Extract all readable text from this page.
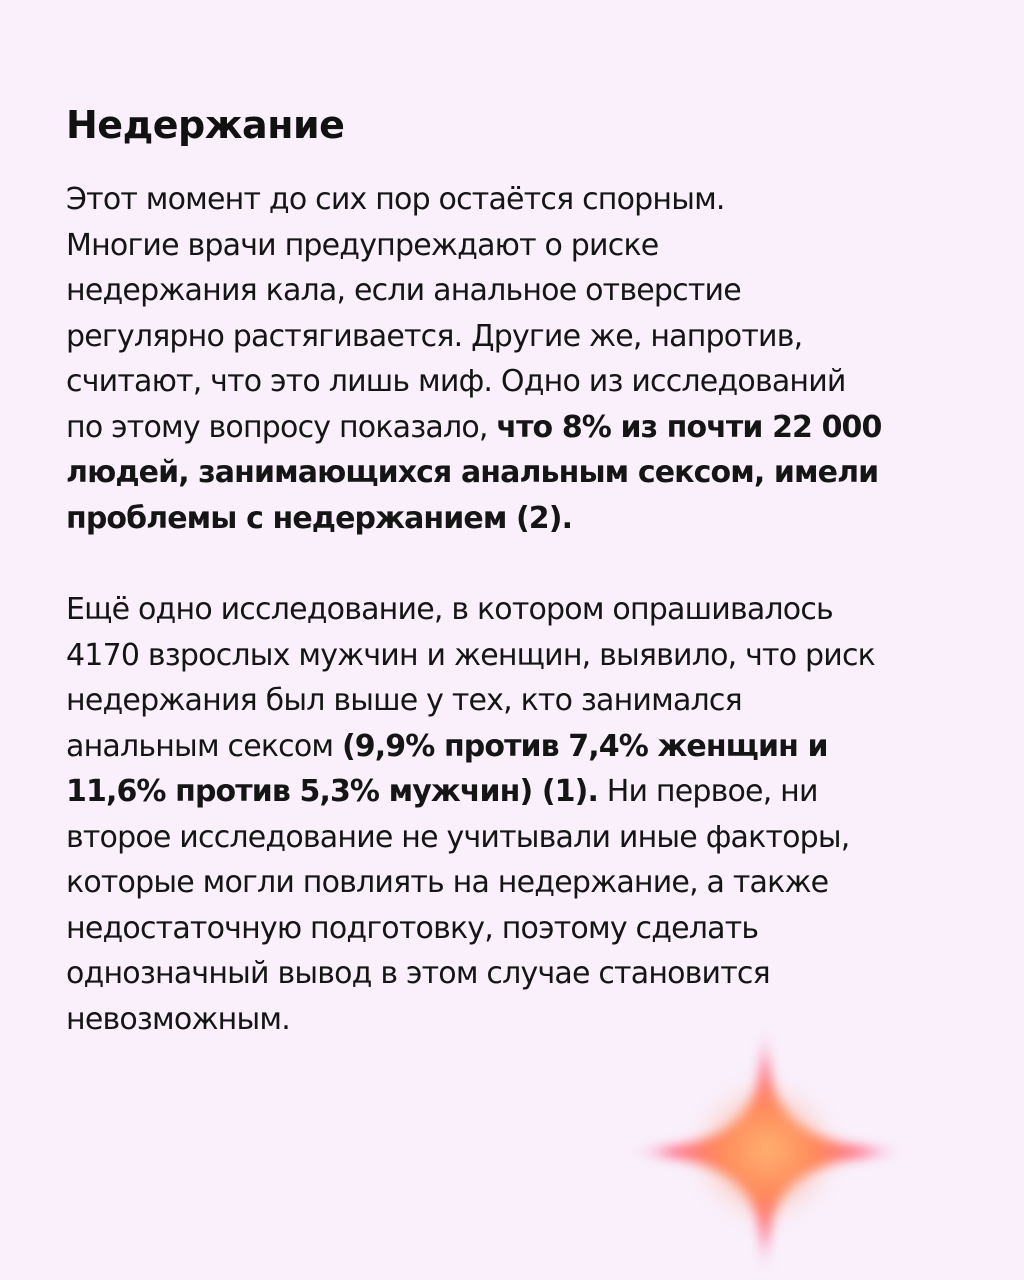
Недержание

Этот момент до сих пор остаётся спорным.
Многие врачи предупреждают о риске
недержания кала, если анальное отверстие
регулярно растягивается. Другие же, напротив,
считают, что это лишь миф. Одно из исследований
по этому вопросу показало, что 8% из почти 22 000
людей, занимающихся анальным сексом, имели
проблемы с недержанием (2).

Ещё одно исследование, в котором опрашивалось
4170 взрослых мужчин и женщин, выявило, что риск
недержания был выше у тех, кто занимался
анальным сексом (9,9% против 7,4% женщин и
11,6% против 5,3% мужчин) (1). Ни первое, ни
второе исследование не учитывали иные факторы,
которые могли повлиять на недержание, а также
недостаточную подготовку, поэтому сделать
однозначный вывод в этом случае становится
невозможным.
